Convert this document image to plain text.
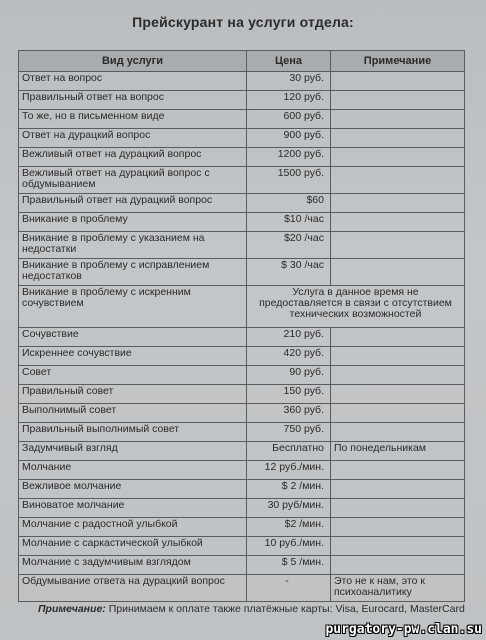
Прейскурант на услуги отдела:
Вид услуги	Цена	Примечание
Ответ на вопрос	30 руб.	
Правильный ответ на вопрос	120 руб.	
То же, но в письменном виде	600 руб.	
Ответ на дурацкий вопрос	900 руб.	
Вежливый ответ на дурацкий вопрос	1200 руб.	
Вежливый ответ на дурацкий вопрос с обдумыванием	1500 руб.	
Правильный ответ на дурацкий вопрос	$60	
Вникание в проблему	$10 /час	
Вникание в проблему с указанием на недостатки	$20 /час	
Вникание в проблему с исправлением недостатков	$ 30 /час	
Вникание в проблему с искренним сочувствием	Услуга в данное время не предоставляется в связи с отсутствием технических возможностей	
Сочувствие	210 руб.	
Искреннее сочувствие	420 руб.	
Совет	90 руб.	
Правильный совет	150 руб.	
Выполнимый совет	360 руб.	
Правильный выполнимый совет	750 руб.	
Задумчивый взгляд	Бесплатно	По понедельникам
Молчание	12 руб./мин.	
Вежливое молчание	$ 2 /мин.	
Виноватое молчание	30 руб/мин.	
Молчание с радостной улыбкой	$2 /мин.	
Молчание с саркастической улыбкой	10 руб./мин.	
Молчание с задумчивым взглядом	$ 5 /мин.	
Обдумывание ответа на дурацкий вопрос	-	Это не к нам, это к психоаналитику
Примечание: Принимаем к оплате также платёжные карты: Visa, Eurocard, MasterCard
purgatory-pw.clan.su
